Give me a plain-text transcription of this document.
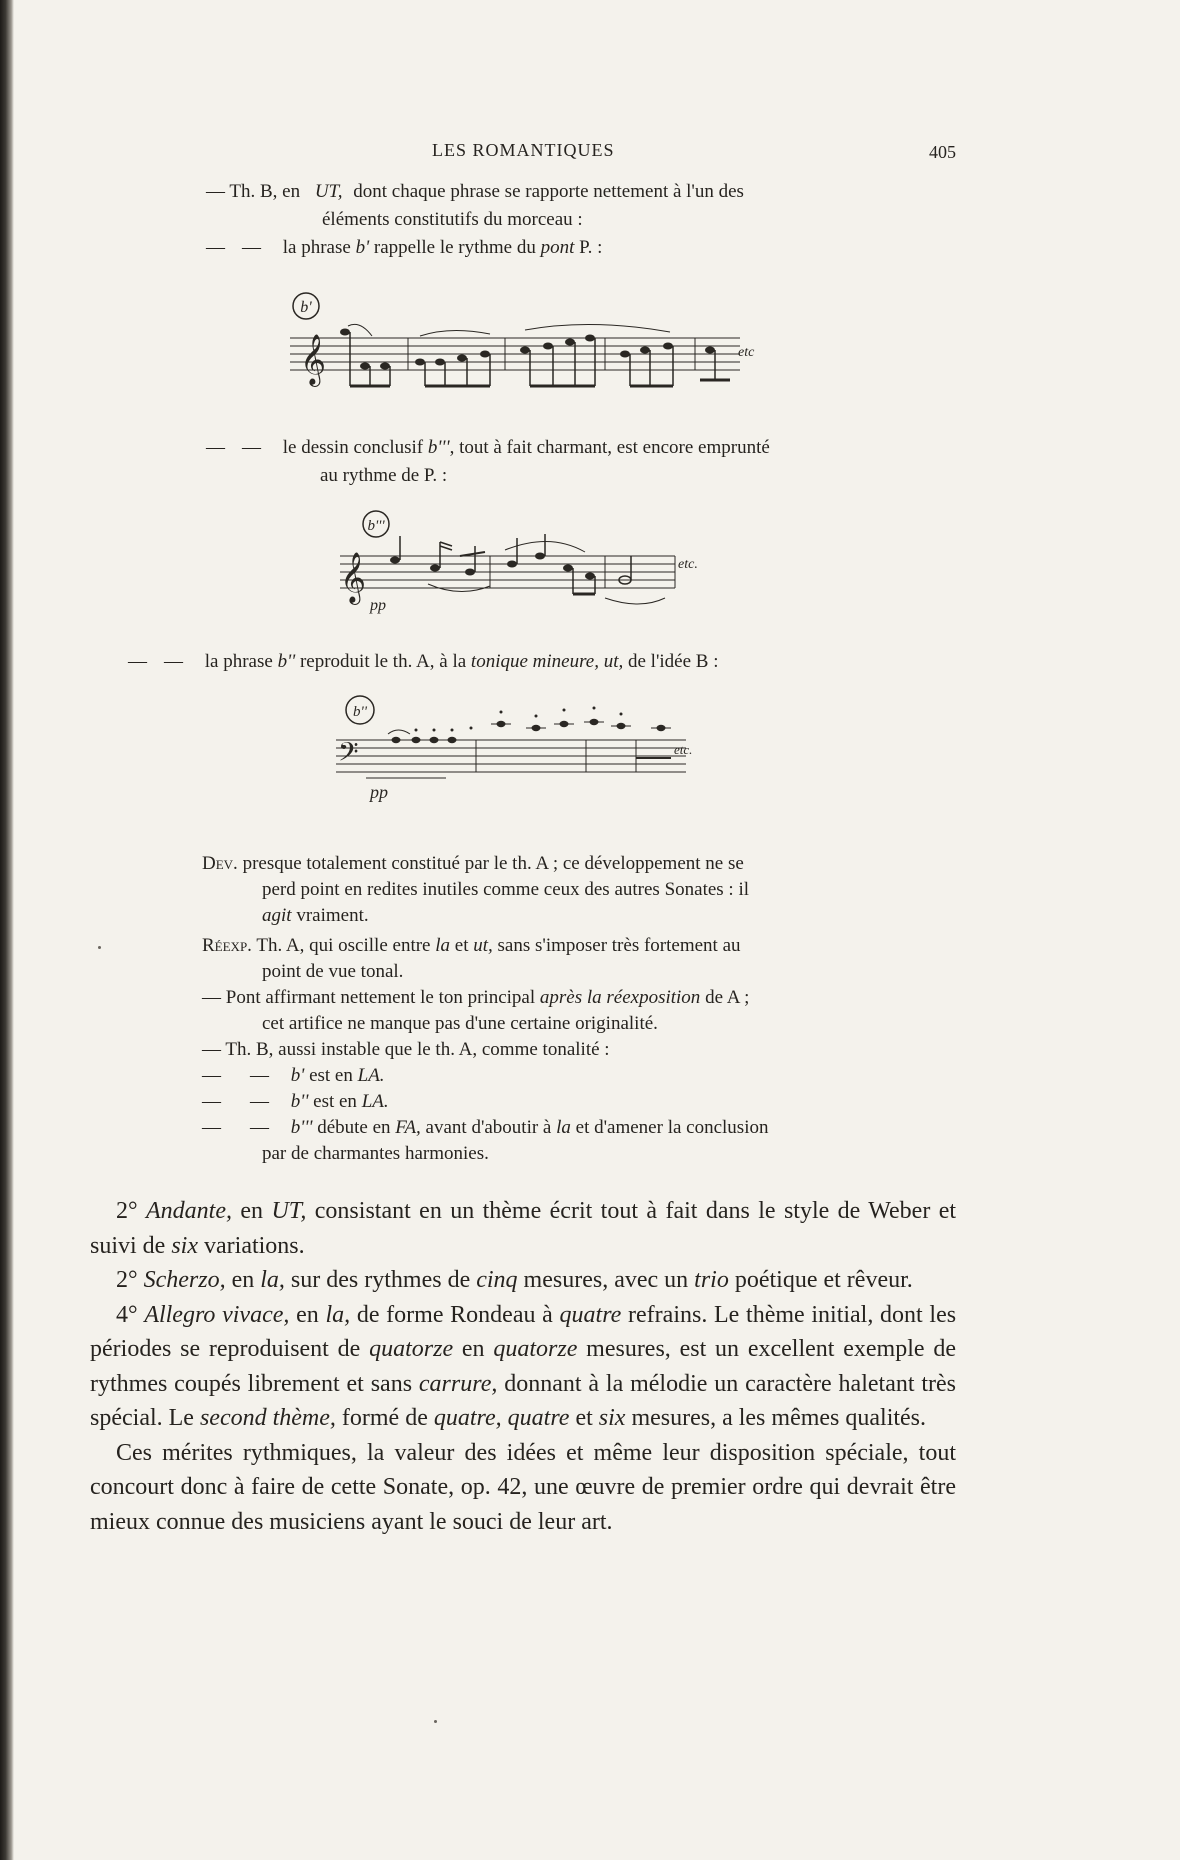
LES ROMANTIQUES	405
— Th. B, en UT, dont chaque phrase se rapporte nettement à l'un des
éléments constitutifs du morceau :
— — la phrase b' rappelle le rythme du pont P. :
b'
𝄞	etc
— — le dessin conclusif b''', tout à fait charmant, est encore emprunté
au rythme de P. :
b'''
𝄞
pp
etc.
— — la phrase b'' reproduit le th. A, à la tonique mineure, ut, de l'idée B :
b''
𝄢
pp
etc.
Dev. presque totalement constitué par le th. A ; ce développement ne se
perd point en redites inutiles comme ceux des autres Sonates : il
agit vraiment.
Réexp. Th. A, qui oscille entre la et ut, sans s'imposer très fortement au
point de vue tonal.
— Pont affirmant nettement le ton principal après la réexposition de A ;
cet artifice ne manque pas d'une certaine originalité.
— Th. B, aussi instable que le th. A, comme tonalité :
— — b' est en LA.
— — b'' est en LA.
— — b''' débute en FA, avant d'aboutir à la et d'amener la conclusion
par de charmantes harmonies.

2° Andante, en UT, consistant en un thème écrit tout à fait dans le style de Weber et suivi de six variations.

2° Scherzo, en la, sur des rythmes de cinq mesures, avec un trio poétique et rêveur.

4° Allegro vivace, en la, de forme Rondeau à quatre refrains. Le thème initial, dont les périodes se reproduisent de quatorze en quatorze mesures, est un excellent exemple de rythmes coupés librement et sans carrure, donnant à la mélodie un caractère haletant très spécial. Le second thème, formé de quatre, quatre et six mesures, a les mêmes qualités.

Ces mérites rythmiques, la valeur des idées et même leur disposition spéciale, tout concourt donc à faire de cette Sonate, op. 42, une œuvre de premier ordre qui devrait être mieux connue des musiciens ayant le souci de leur art.
